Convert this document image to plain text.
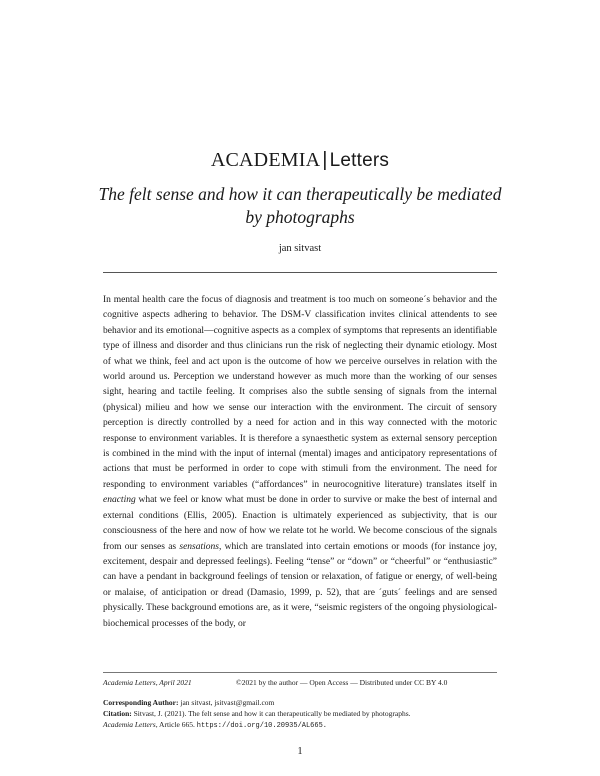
ACADEMIA | Letters
The felt sense and how it can therapeutically be mediated by photographs
jan sitvast
In mental health care the focus of diagnosis and treatment is too much on someone´s behavior and the cognitive aspects adhering to behavior. The DSM-V classification invites clinical attendents to see behavior and its emotional—cognitive aspects as a complex of symptoms that represents an identifiable type of illness and disorder and thus clinicians run the risk of neglecting their dynamic etiology. Most of what we think, feel and act upon is the outcome of how we perceive ourselves in relation with the world around us. Perception we understand however as much more than the working of our senses sight, hearing and tactile feeling. It comprises also the subtle sensing of signals from the internal (physical) milieu and how we sense our interaction with the environment. The circuit of sensory perception is directly controlled by a need for action and in this way connected with the motoric response to environment variables. It is therefore a synaesthetic system as external sensory perception is combined in the mind with the input of internal (mental) images and anticipatory representations of actions that must be performed in order to cope with stimuli from the environment. The need for responding to environment variables (“affordances” in neurocognitive literature) translates itself in enacting what we feel or know what must be done in order to survive or make the best of internal and external conditions (Ellis, 2005). Enaction is ultimately experienced as subjectivity, that is our consciousness of the here and now of how we relate tot he world. We become conscious of the signals from our senses as sensations, which are translated into certain emotions or moods (for instance joy, excitement, despair and depressed feelings). Feeling “tense” or “down” or “cheerful” or “enthusiastic” can have a pendant in background feelings of tension or relaxation, of fatigue or energy, of well-being or malaise, of anticipation or dread (Damasio, 1999, p. 52), that are ´guts´ feelings and are sensed physically. These background emotions are, as it were, “seismic registers of the ongoing physiological-biochemical processes of the body, or
Academia Letters, April 2021	©2021 by the author — Open Access — Distributed under CC BY 4.0
Corresponding Author: jan sitvast, jsitvast@gmail.com
Citation: Sitvast, J. (2021). The felt sense and how it can therapeutically be mediated by photographs.
Academia Letters, Article 665. https://doi.org/10.20935/AL665.
1
